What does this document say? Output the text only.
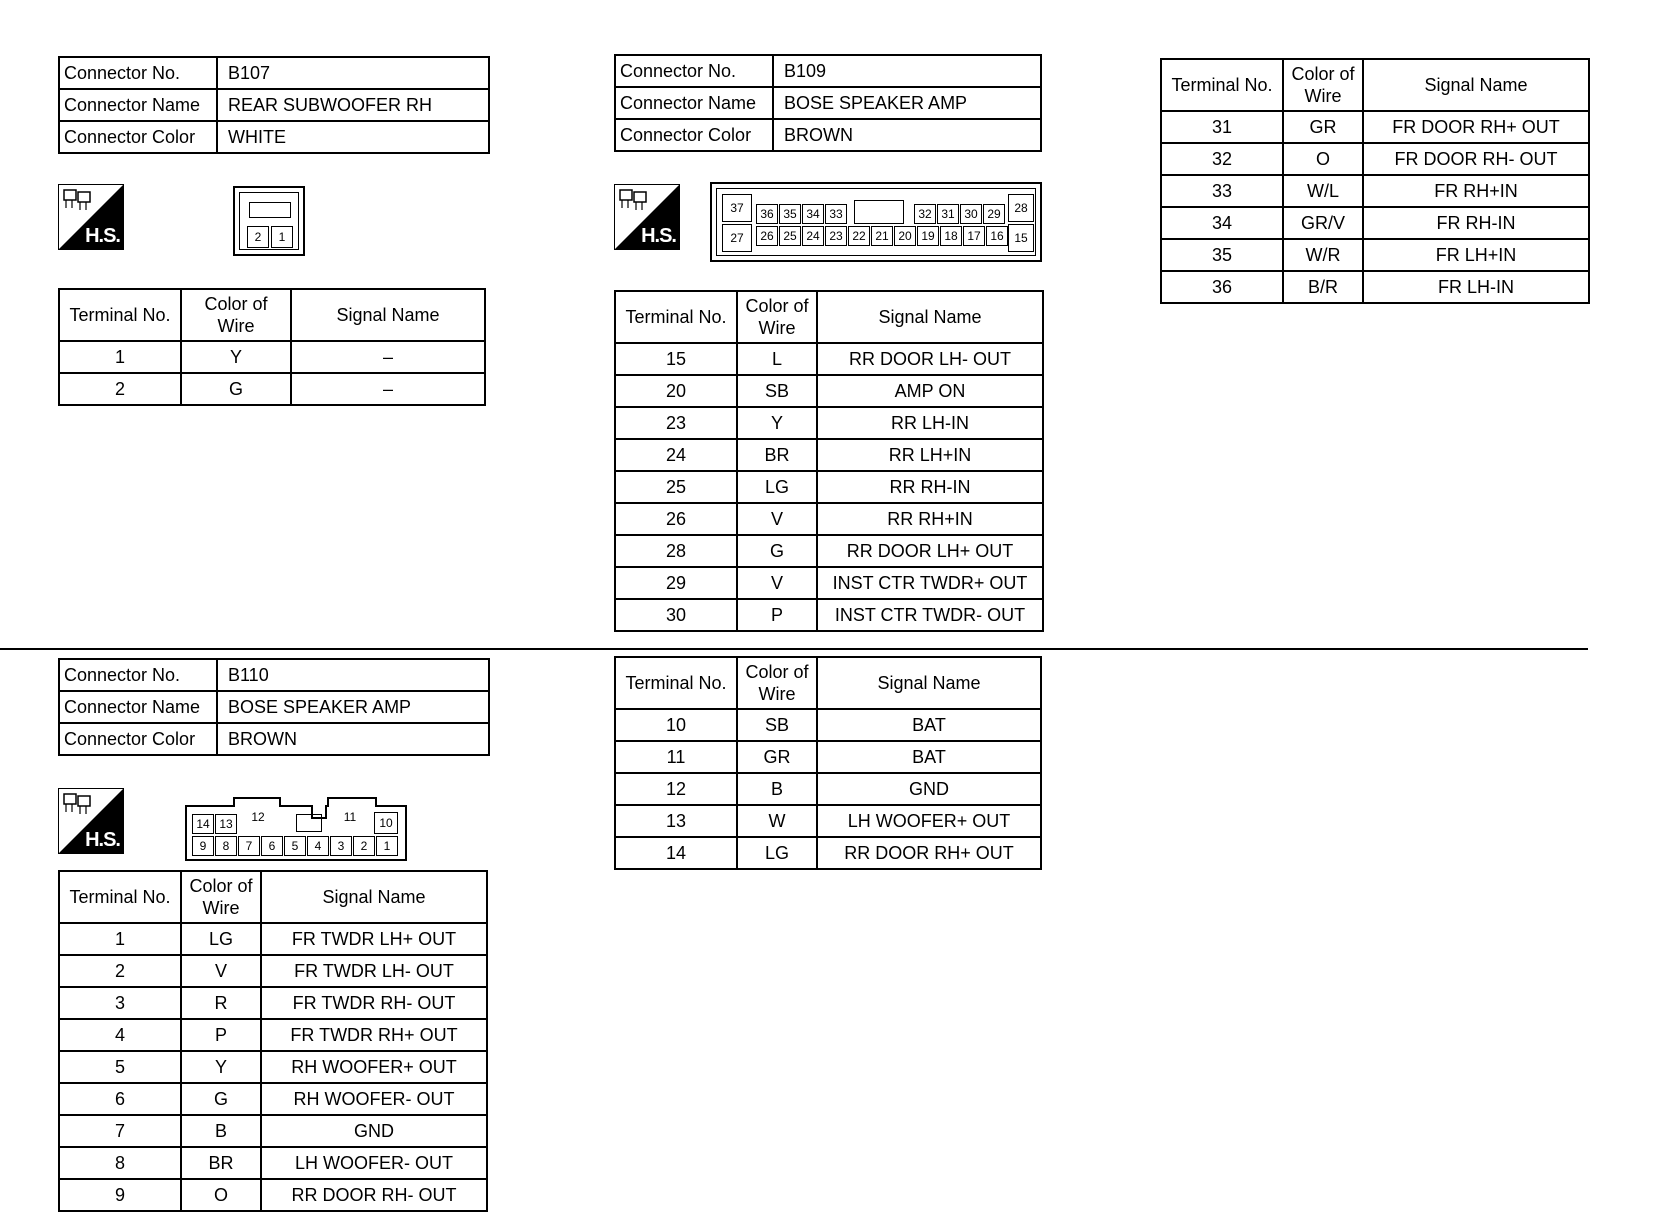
Connector No.	B107
Connector Name	REAR SUBWOOFER RH
Connector Color	WHITE
H.S.	2	1
Terminal No.	Color of Wire	Signal Name
1	Y	–
2	G	–
Connector No.	B109
Connector Name	BOSE SPEAKER AMP
Connector Color	BROWN
H.S.
37
27
36 35 34 33	32 31 30 29
26 25 24 23 22 21 20 19 18 17 16
28
15
Terminal No.	Color of Wire	Signal Name
15	L	RR DOOR LH- OUT
20	SB	AMP ON
23	Y	RR LH-IN
24	BR	RR LH+IN
25	LG	RR RH-IN
26	V	RR RH+IN
28	G	RR DOOR LH+ OUT
29	V	INST CTR TWDR+ OUT
30	P	INST CTR TWDR- OUT
Terminal No.	Color of Wire	Signal Name
31	GR	FR DOOR RH+ OUT
32	O	FR DOOR RH- OUT
33	W/L	FR RH+IN
34	GR/V	FR RH-IN
35	W/R	FR LH+IN
36	B/R	FR LH-IN
Connector No.	B110
Connector Name	BOSE SPEAKER AMP
Connector Color	BROWN
H.S.
14 13	12	11	10
9	8	7	6	5	4	3	2	1
Terminal No.	Color of Wire	Signal Name
1	LG	FR TWDR LH+ OUT
2	V	FR TWDR LH- OUT
3	R	FR TWDR RH- OUT
4	P	FR TWDR RH+ OUT
5	Y	RH WOOFER+ OUT
6	G	RH WOOFER- OUT
7	B	GND
8	BR	LH WOOFER- OUT
9	O	RR DOOR RH- OUT
Terminal No.	Color of Wire	Signal Name
10	SB	BAT
11	GR	BAT
12	B	GND
13	W	LH WOOFER+ OUT
14	LG	RR DOOR RH+ OUT
